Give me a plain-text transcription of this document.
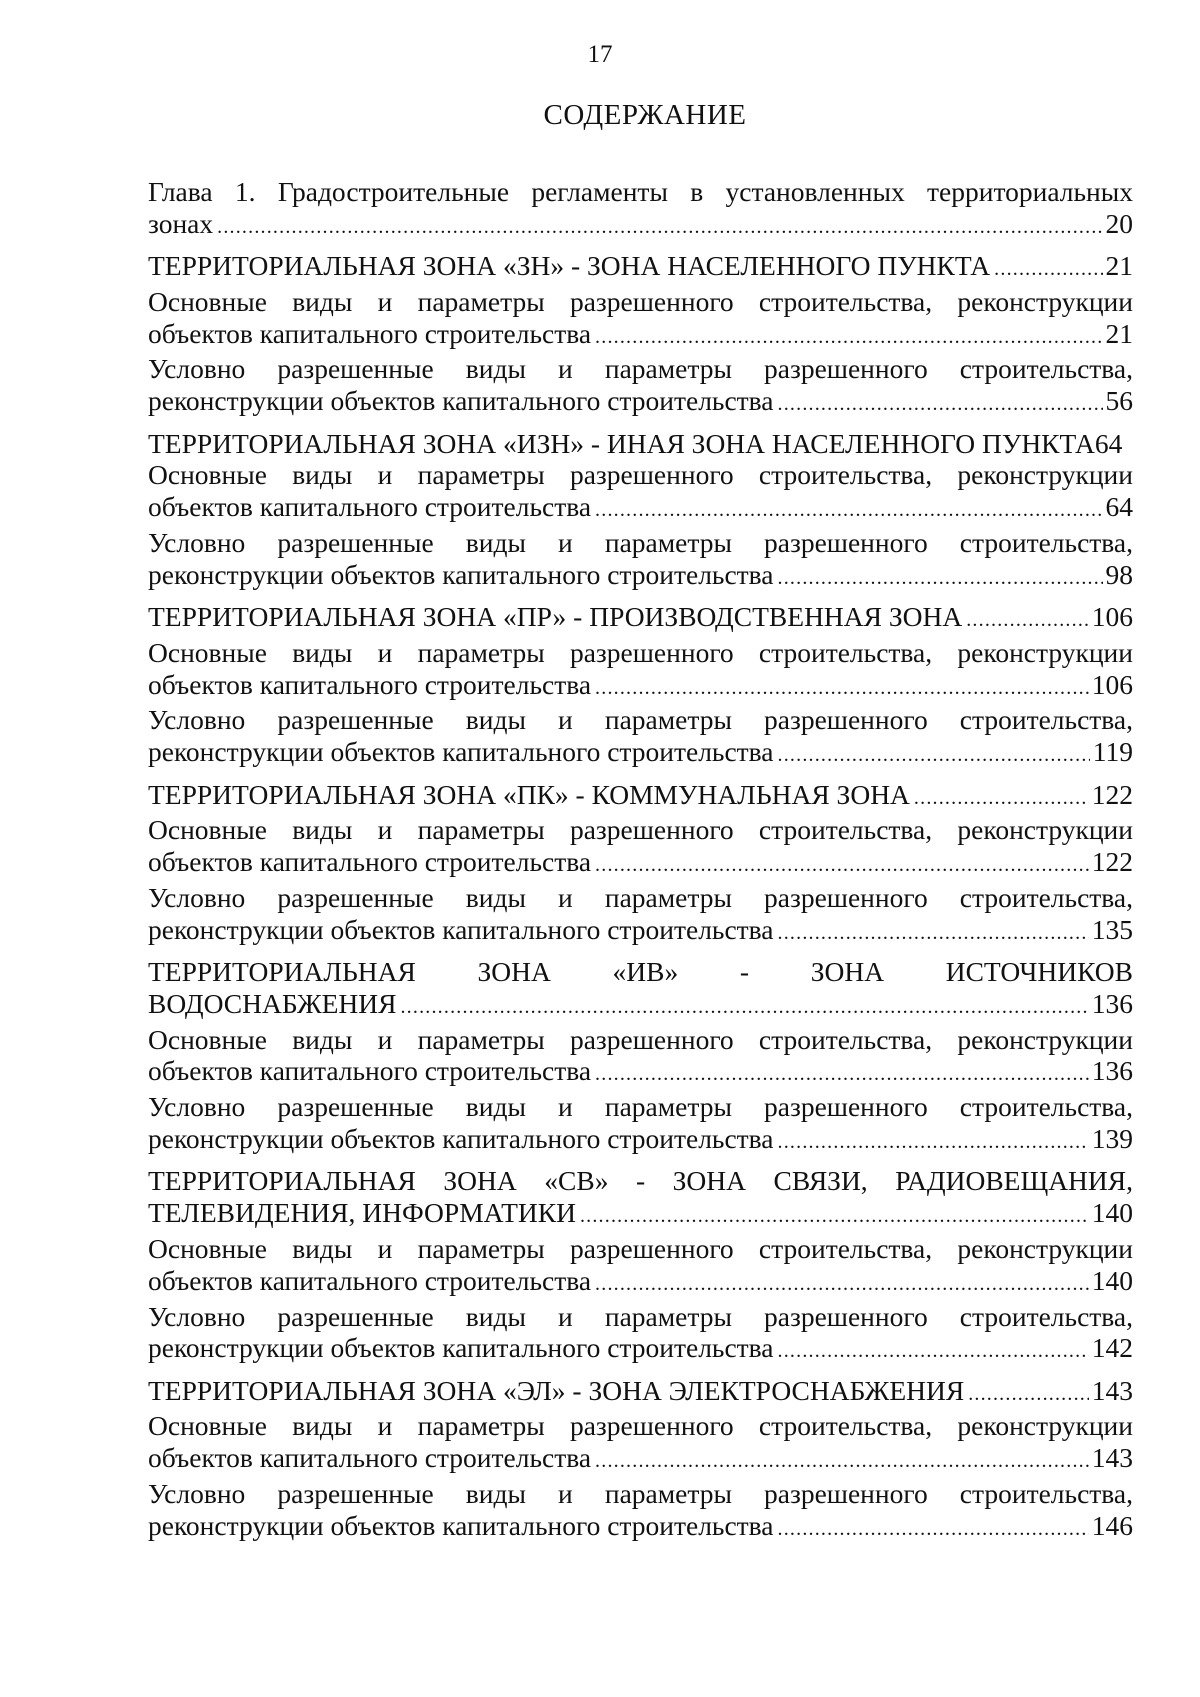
17
СОДЕРЖАНИЕ
Глава 1. Градостроительные регламенты в установленных территориальных
зонах .....	20
ТЕРРИТОРИАЛЬНАЯ ЗОНА «ЗН» - ЗОНА НАСЕЛЕННОГО ПУНКТА .....	21
Основные виды и параметры разрешенного строительства, реконструкции
объектов капитального строительства .....	21
Условно разрешенные виды и параметры разрешенного строительства,
реконструкции объектов капитального строительства .....	56
ТЕРРИТОРИАЛЬНАЯ ЗОНА «ИЗН» - ИНАЯ ЗОНА НАСЕЛЕННОГО ПУНКТА 64
Основные виды и параметры разрешенного строительства, реконструкции
объектов капитального строительства .....	64
Условно разрешенные виды и параметры разрешенного строительства,
реконструкции объектов капитального строительства .....	98
ТЕРРИТОРИАЛЬНАЯ ЗОНА «ПР» - ПРОИЗВОДСТВЕННАЯ ЗОНА .....	106
Основные виды и параметры разрешенного строительства, реконструкции
объектов капитального строительства .....	106
Условно разрешенные виды и параметры разрешенного строительства,
реконструкции объектов капитального строительства .....	119
ТЕРРИТОРИАЛЬНАЯ ЗОНА «ПК» - КОММУНАЛЬНАЯ ЗОНА .....	122
Основные виды и параметры разрешенного строительства, реконструкции
объектов капитального строительства .....	122
Условно разрешенные виды и параметры разрешенного строительства,
реконструкции объектов капитального строительства .....	135
ТЕРРИТОРИАЛЬНАЯ ЗОНА «ИВ» - ЗОНА ИСТОЧНИКОВ
ВОДОСНАБЖЕНИЯ .....	136
Основные виды и параметры разрешенного строительства, реконструкции
объектов капитального строительства .....	136
Условно разрешенные виды и параметры разрешенного строительства,
реконструкции объектов капитального строительства .....	139
ТЕРРИТОРИАЛЬНАЯ ЗОНА «СВ» - ЗОНА СВЯЗИ, РАДИОВЕЩАНИЯ,
ТЕЛЕВИДЕНИЯ, ИНФОРМАТИКИ .....	140
Основные виды и параметры разрешенного строительства, реконструкции
объектов капитального строительства .....	140
Условно разрешенные виды и параметры разрешенного строительства,
реконструкции объектов капитального строительства .....	142
ТЕРРИТОРИАЛЬНАЯ ЗОНА «ЭЛ» - ЗОНА ЭЛЕКТРОСНАБЖЕНИЯ .....	143
Основные виды и параметры разрешенного строительства, реконструкции
объектов капитального строительства .....	143
Условно разрешенные виды и параметры разрешенного строительства,
реконструкции объектов капитального строительства .....	146
